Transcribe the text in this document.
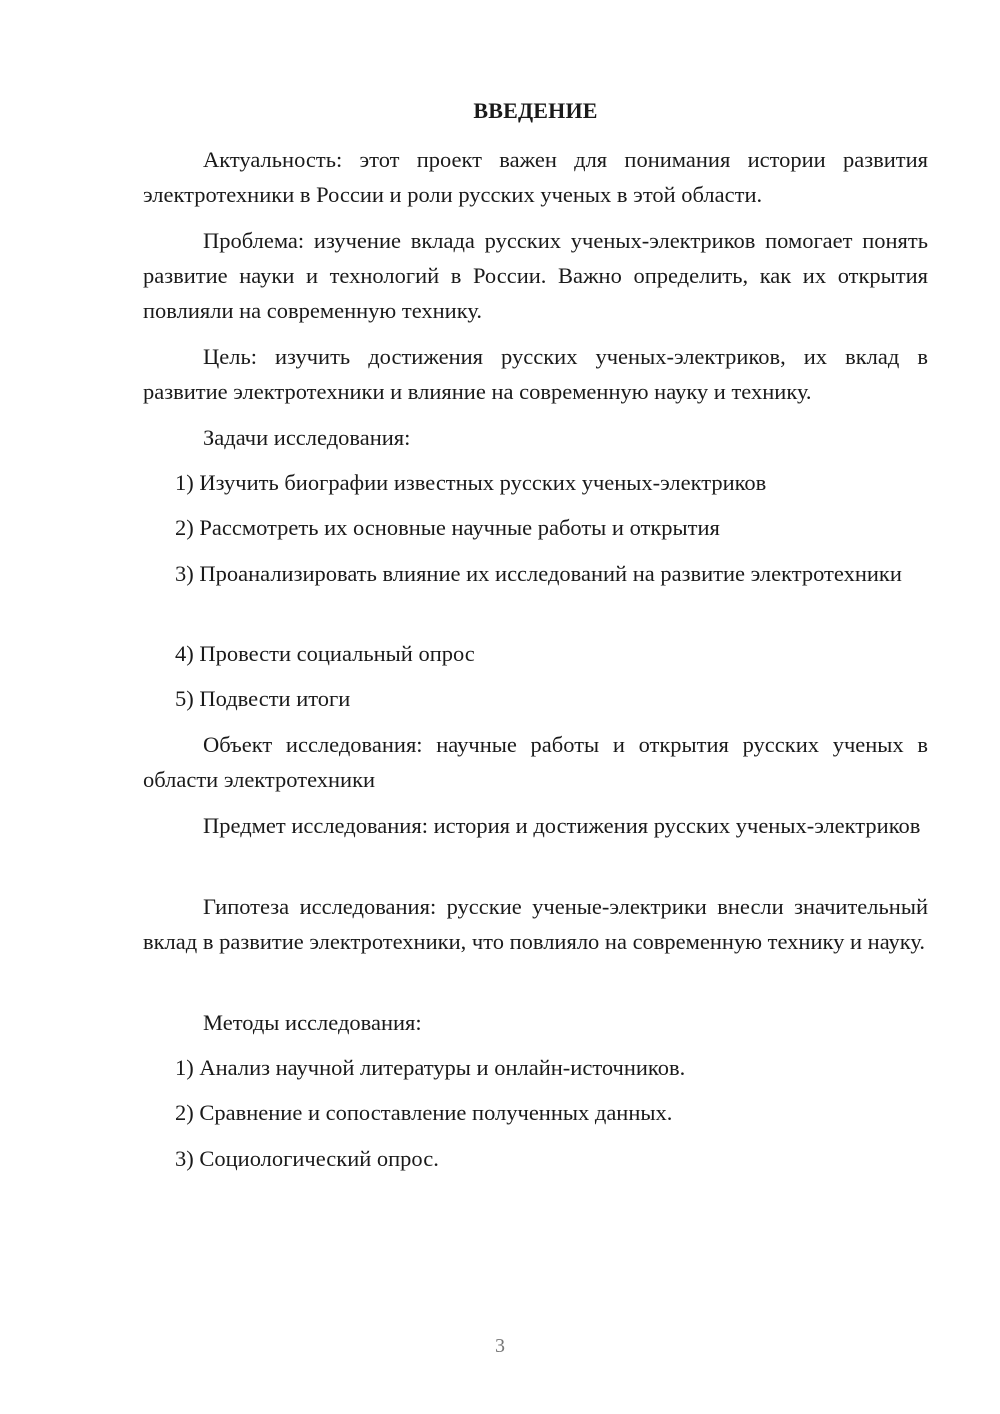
ВВЕДЕНИЕ

Актуальность: этот проект важен для понимания истории развития электротехники в России и роли русских ученых в этой области.

Проблема: изучение вклада русских ученых-электриков помогает понять развитие науки и технологий в России. Важно определить, как их открытия повлияли на современную технику.

Цель: изучить достижения русских ученых-электриков, их вклад в развитие электротехники и влияние на современную науку и технику.

Задачи исследования:

1) Изучить биографии известных русских ученых-электриков

2) Рассмотреть их основные научные работы и открытия

3) Проанализировать влияние их исследований на развитие электротехники

4) Провести социальный опрос

5) Подвести итоги

Объект исследования: научные работы и открытия русских ученых в области электротехники

Предмет исследования: история и достижения русских ученых-электриков

Гипотеза исследования: русские ученые-электрики внесли значительный вклад в развитие электротехники, что повлияло на современную технику и науку.

Методы исследования:

1) Анализ научной литературы и онлайн-источников.

2) Сравнение и сопоставление полученных данных.

3) Социологический опрос.

3
